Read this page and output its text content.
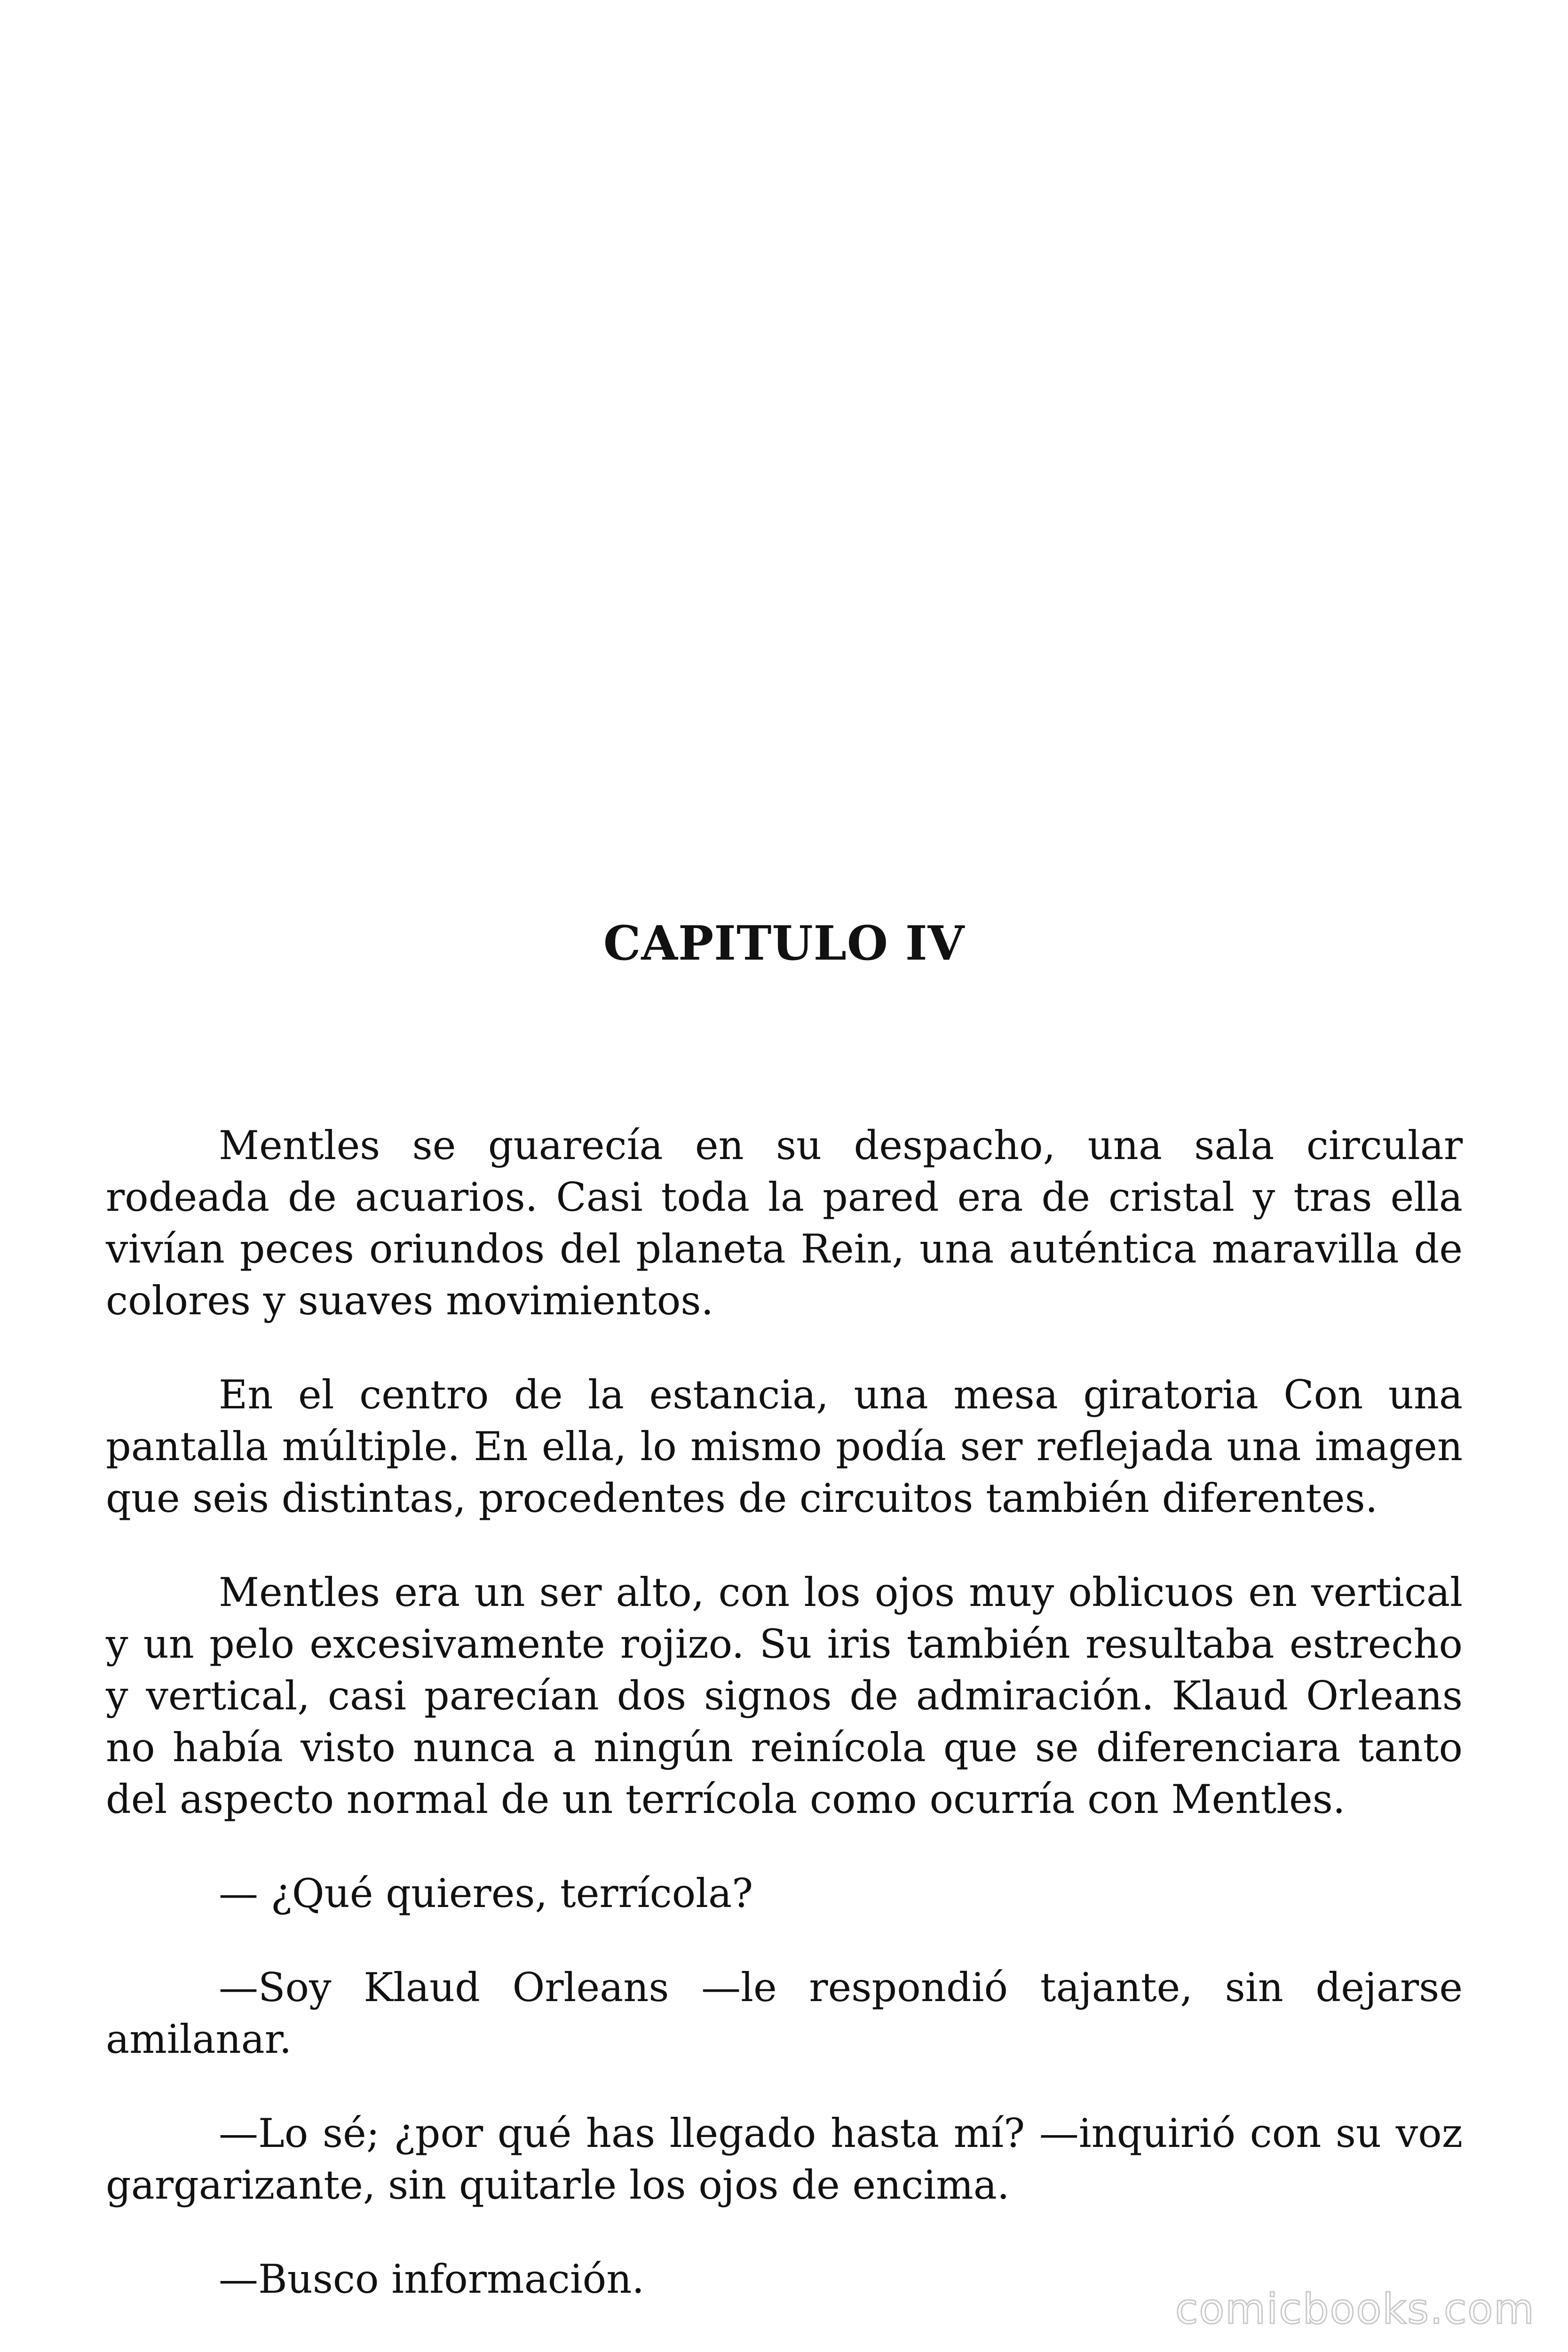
CAPITULO IV

Mentles se guarecía en su despacho, una sala circular rodeada de acuarios. Casi toda la pared era de cristal y tras ella vivían peces oriundos del planeta Rein, una auténtica maravilla de colores y suaves movimientos.

En el centro de la estancia, una mesa giratoria Con una pantalla múltiple. En ella, lo mismo podía ser reflejada una imagen que seis distintas, procedentes de circuitos también diferentes.

Mentles era un ser alto, con los ojos muy oblicuos en vertical y un pelo excesivamente rojizo. Su iris también resultaba estrecho y vertical, casi parecían dos signos de admiración. Klaud Orleans no había visto nunca a ningún reinícola que se diferenciara tanto del aspecto normal de un terrícola como ocurría con Mentles.

— ¿Qué quieres, terrícola?

—Soy Klaud Orleans —le respondió tajante, sin dejarse amilanar.

—Lo sé; ¿por qué has llegado hasta mí? —inquirió con su voz gargarizante, sin quitarle los ojos de encima.

—Busco información.

comicbooks.com
